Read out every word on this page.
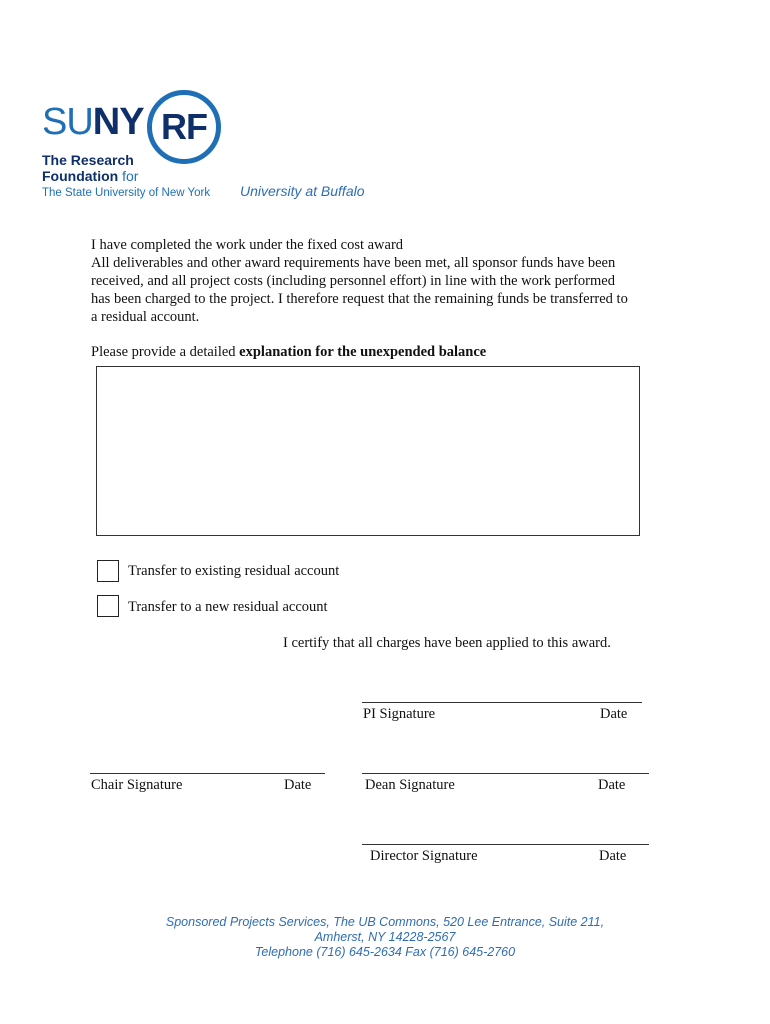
SUNY RF
The Research
Foundation for
The State University of New York University at Buffalo
I have completed the work under the fixed cost award
All deliverables and other award requirements have been met, all sponsor funds have been
received, and all project costs (including personnel effort) in line with the work performed
has been charged to the project. I therefore request that the remaining funds be transferred to
a residual account.
Please provide a detailed explanation for the unexpended balance
Transfer to existing residual account
Transfer to a new residual account
I certify that all charges have been applied to this award.
PI Signature	Date
Chair Signature	Date	Dean Signature	Date
Director Signature	Date
Sponsored Projects Services, The UB Commons, 520 Lee Entrance, Suite 211,
Amherst, NY 14228-2567
Telephone (716) 645-2634 Fax (716) 645-2760
